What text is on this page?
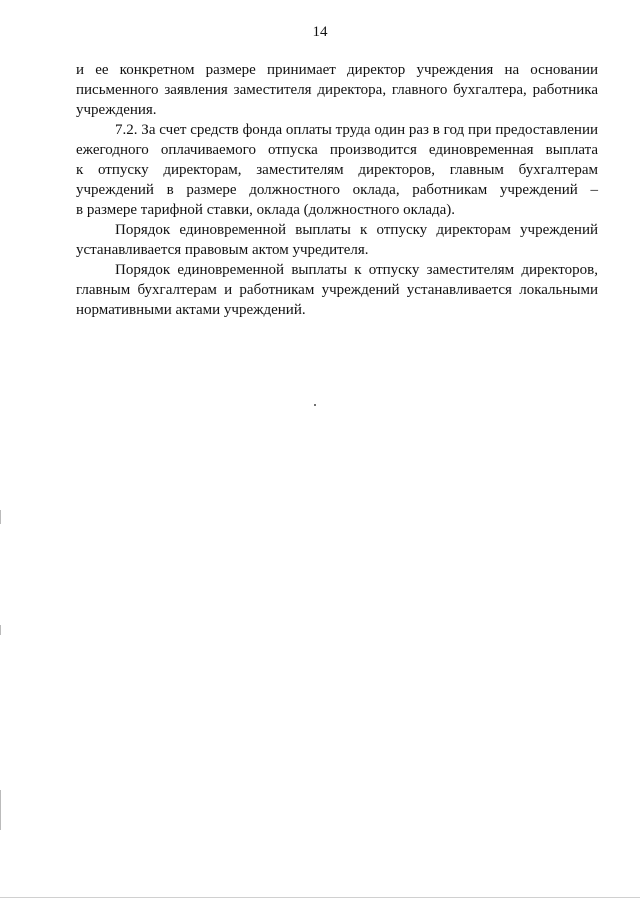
14

и ее конкретном размере принимает директор учреждения на основании
письменного заявления заместителя директора, главного бухгалтера, работника
учреждения.

7.2. За счет средств фонда оплаты труда один раз в год при предоставлении
ежегодного оплачиваемого отпуска производится единовременная выплата
к отпуску директорам, заместителям директоров, главным бухгалтерам
учреждений в размере должностного оклада, работникам учреждений –
в размере тарифной ставки, оклада (должностного оклада).

Порядок единовременной выплаты к отпуску директорам учреждений
устанавливается правовым актом учредителя.

Порядок единовременной выплаты к отпуску заместителям директоров,
главным бухгалтерам и работникам учреждений устанавливается локальными
нормативными актами учреждений.
